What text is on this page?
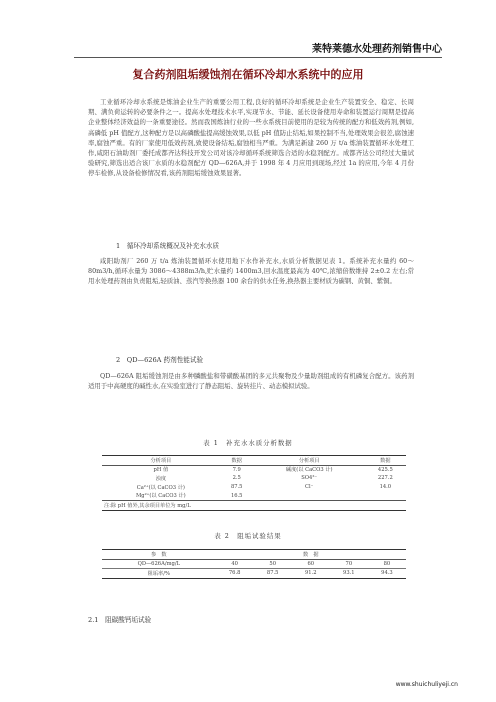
莱特莱德水处理药剂销售中心
复合药剂阻垢缓蚀剂在循环冷却水系统中的应用

工业循环冷却水系统是炼油企业生产的重要公用工程,良好的循环冷却系统是企业生产装置安全、稳定、长周期、满负荷运转的必要条件之一。提高水处理技术水平,实现节水、节能、延长设备使用寿命和装置运行周期是提高企业整体经济效益的一条重要途径。然而我国炼油行业的一些水系统目前使用的是较为传统的配方和低效药剂,例如,高磷低 pH 值配方,这种配方是以高磷酸盐提高缓蚀效果,以低 pH 值防止结垢,如果控制不当,处理效果会很差,腐蚀速率,腐蚀严重。有的厂家使用低效药剂,致使设备结垢,腐蚀相当严重。为满足新建 260 万 t/a 炼油装置循环水处理工作,咸阳石油助剂厂委托成都齐达科技开发公司对该冷却循环系统筛选合适的水稳剂配方。成都齐达公司经过大量试验研究,筛选出适合该厂水质的水稳剂配方 QD—626A,并于 1998 年 4 月应用到现场,经过 1a 的应用,今年 4 月份停车检修,从设备检修情况看,该药剂阻垢缓蚀效果显著。

1　循环冷却系统概况及补充水水质

咸阳助剂厂 260 万 t/a 炼油装置循环水使用地下水作补充水,水质分析数据见表 1。系统补充水量约 60～80m3/h,循环水量为 3086～4388m3/h,贮水量约 1400m3,回水温度最高为 40℃,浓缩倍数维持 2±0.2 左右;常用水处理药剂由负责阻垢,轻质油、蒸汽等换热器 100 余台的供水任务,换热器主要材质为碳钢、黄铜、紫铜。

2　QD—626A 药剂性能试验

QD—626A 阻垢缓蚀剂是由多种膦酸盐和带磺酸基团的多元共聚物及少量助剂组成的有机磷复合配方。该药剂适用于中高硬度的碱性水,在实验室进行了静态阻垢、旋转挂片、动态模拟试验。

表 1　补充水水质分析数据
分析项目	数据	分析项目	数据
pH 值	7.9	碱度(以 CaCO3 计)	425.5
浊度	2.5	SO4²⁻	227.2
Ca²⁺(以 CaCO3 计)	87.5	Cl⁻	14.0
Mg²⁺(以 CaCO3 计)	16.5		
注:除 pH 值外,其余项目单位为 mg/L			
表 2　阻垢试验结果
参　数	数　据				
QD—626A/mg/L	40	50	60	70	80
阻垢率/%	76.8	87.5	91.2	93.1	94.3
2.1　阻碳酸钙垢试验
www.shuichuliyeji.cn
